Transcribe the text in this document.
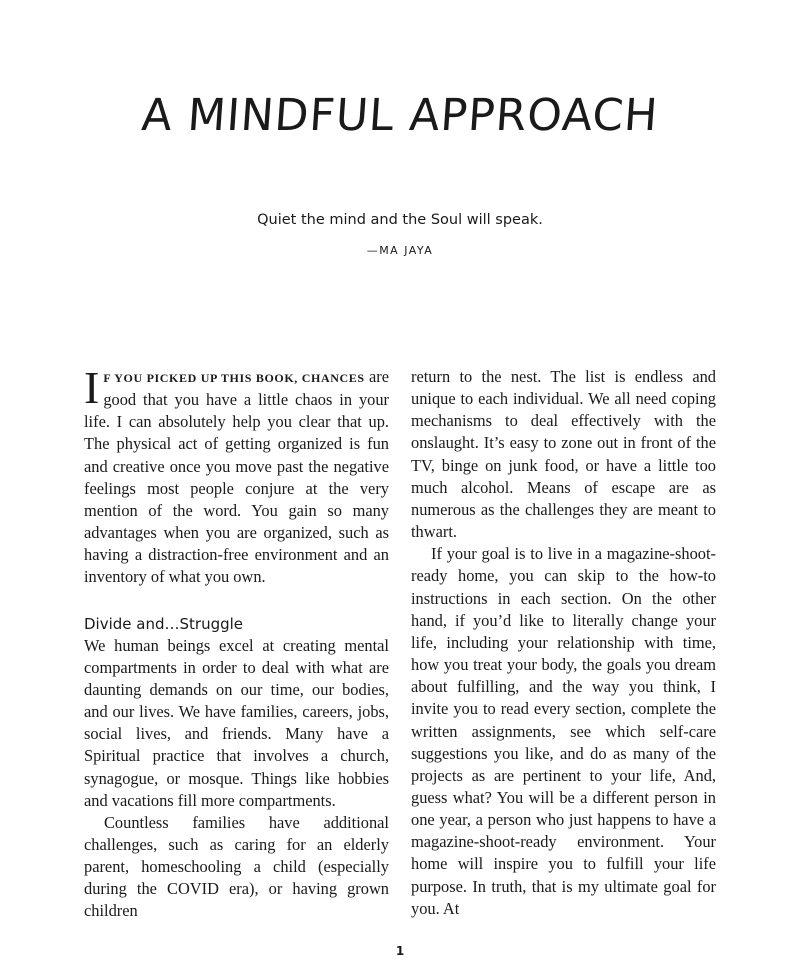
A MINDFUL APPROACH
Quiet the mind and the Soul will speak.
—MA JAYA

I F YOU PICKED UP THIS BOOK, CHANCES are good that you have a little chaos in your life. I can absolutely help you clear that up. The physical act of getting organized is fun and creative once you move past the negative feelings most people conjure at the very mention of the word. You gain so many advantages when you are organized, such as having a distraction-free environment and an inventory of what you own.

Divide and…Struggle

We human beings excel at creating mental compartments in order to deal with what are daunting demands on our time, our bodies, and our lives. We have families, careers, jobs, social lives, and friends. Many have a Spiritual practice that involves a church, synagogue, or mosque. Things like hobbies and vacations fill more compartments.

Countless families have additional challenges, such as caring for an elderly parent, homeschooling a child (especially during the COVID era), or having grown children

return to the nest. The list is endless and unique to each individual. We all need coping mechanisms to deal effectively with the onslaught. It’s easy to zone out in front of the TV, binge on junk food, or have a little too much alcohol. Means of escape are as numerous as the challenges they are meant to thwart.

If your goal is to live in a magazine-shoot-ready home, you can skip to the how-to instructions in each section. On the other hand, if you’d like to literally change your life, including your relationship with time, how you treat your body, the goals you dream about fulfilling, and the way you think, I invite you to read every section, complete the written assignments, see which self-care suggestions you like, and do as many of the projects as are pertinent to your life, And, guess what? You will be a different person in one year, a person who just happens to have a magazine-shoot-ready environment. Your home will inspire you to fulfill your life purpose. In truth, that is my ultimate goal for you. At

1
